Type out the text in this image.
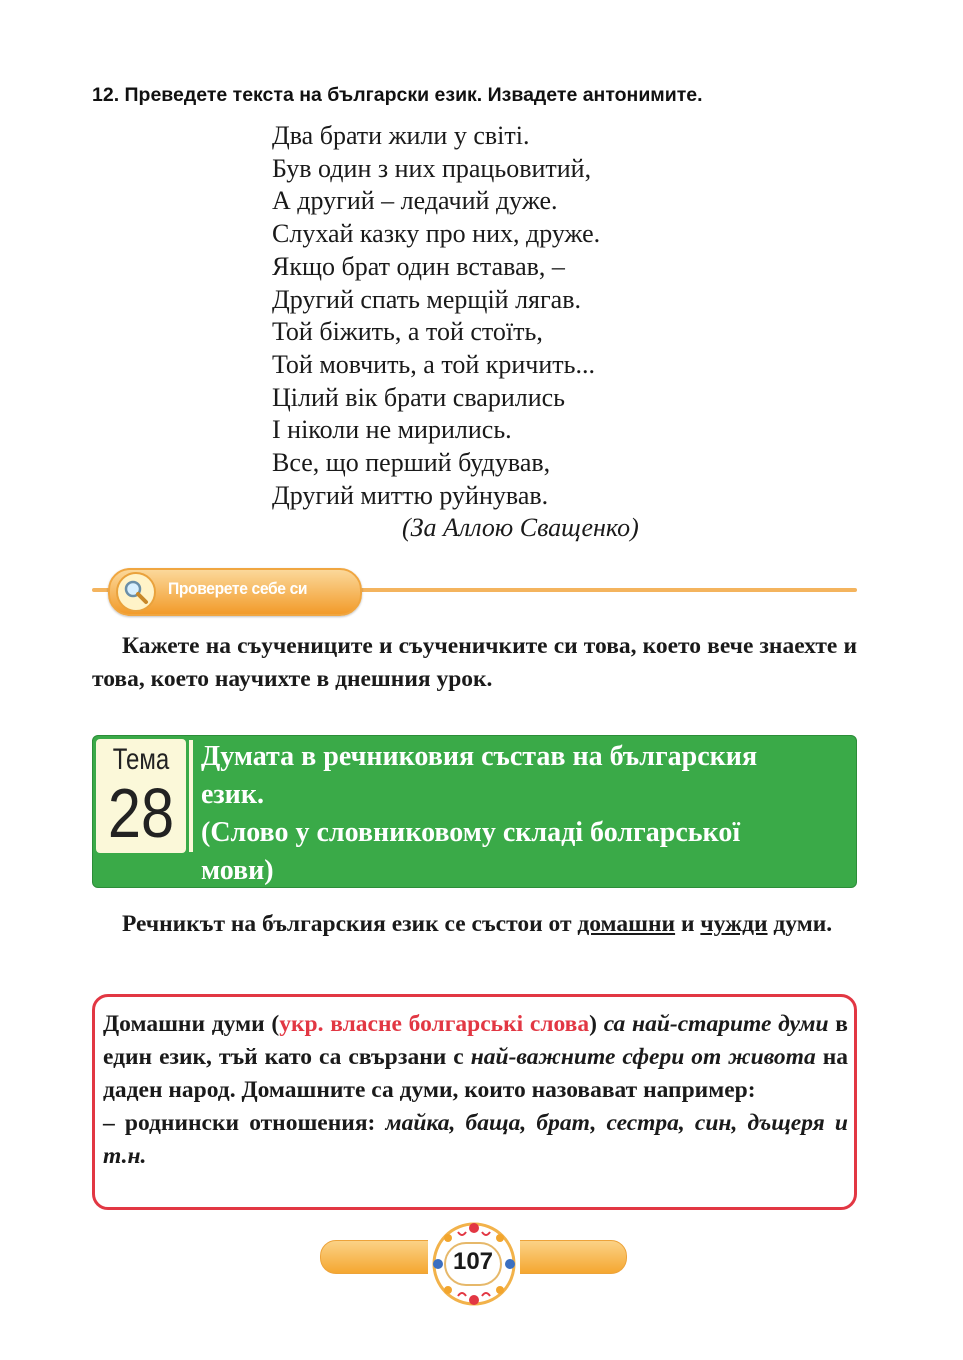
12. Преведете текста на български език. Извадете антонимите.
Два брати жили у світі.
Був один з них працьовитий,
А другий – ледачий дуже.
Слухай казку про них, друже.
Якщо брат один вставав, –
Другий спать мерщій лягав.
Той біжить, а той стоїть,
Той мовчить, а той кричить...
Цілий вік брати сварились
І ніколи не мирились.
Все, що перший будував,
Другий миттю руйнував.
(За Аллою Сващенко)
Проверете себе си
Кажете на съучениците и съученичките си това, което вече знаехте и това, което научихте в днешния урок.
Тема
28
Думата в речниковия състав на българския
език.
(Слово у словниковому складі болгарської
мови)
Речникът на българския език се състои от домашни и чужди думи.
Домашни думи (укр. власне болгарські слова) са най-старите думи в един език, тъй като са свързани с най-важните сфери от живота на даден народ. Домашните са думи, които назовават например:
– роднински отношения: майка, баща, брат, сестра, син, дъщеря и т.н.
107
